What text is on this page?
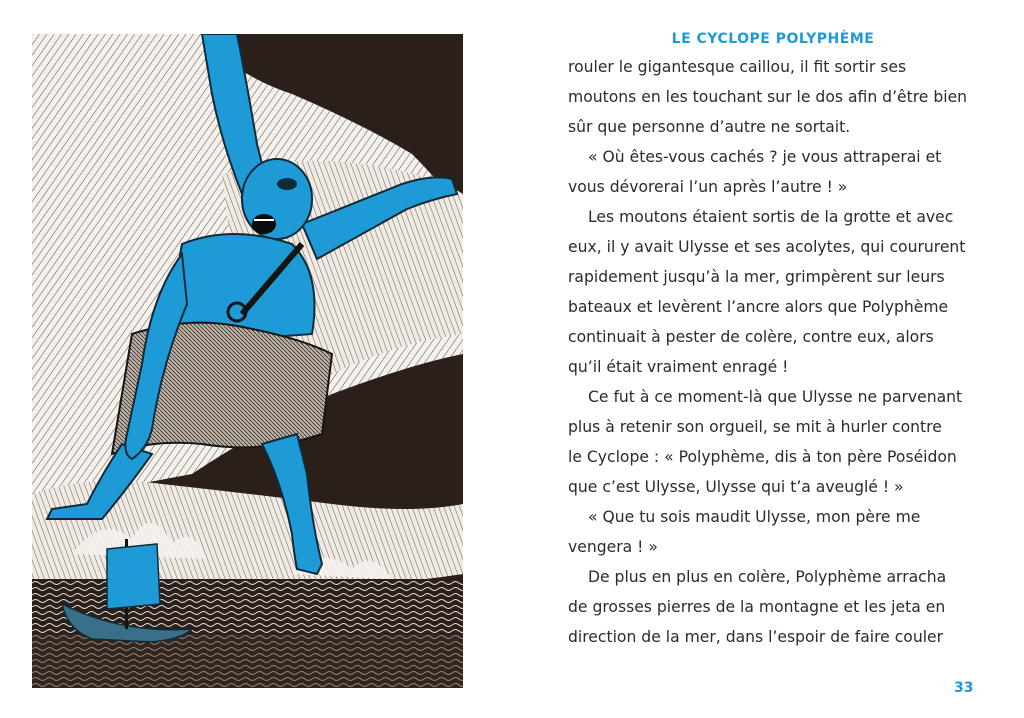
LE CYCLOPE POLYPHÈME
rouler le gigantesque caillou, il fit sortir ses
moutons en les touchant sur le dos afin d’être bien
sûr que personne d’autre ne sortait.
« Où êtes-vous cachés ? je vous attraperai et
vous dévorerai l’un après l’autre ! »
Les moutons étaient sortis de la grotte et avec
eux, il y avait Ulysse et ses acolytes, qui coururent
rapidement jusqu’à la mer, grimpèrent sur leurs
bateaux et levèrent l’ancre alors que Polyphème
continuait à pester de colère, contre eux, alors
qu’il était vraiment enragé !
Ce fut à ce moment-là que Ulysse ne parvenant
plus à retenir son orgueil, se mit à hurler contre
le Cyclope : « Polyphème, dis à ton père Poséidon
que c’est Ulysse, Ulysse qui t’a aveuglé ! »
« Que tu sois maudit Ulysse, mon père me
vengera ! »
De plus en plus en colère, Polyphème arracha
de grosses pierres de la montagne et les jeta en
direction de la mer, dans l’espoir de faire couler
33
